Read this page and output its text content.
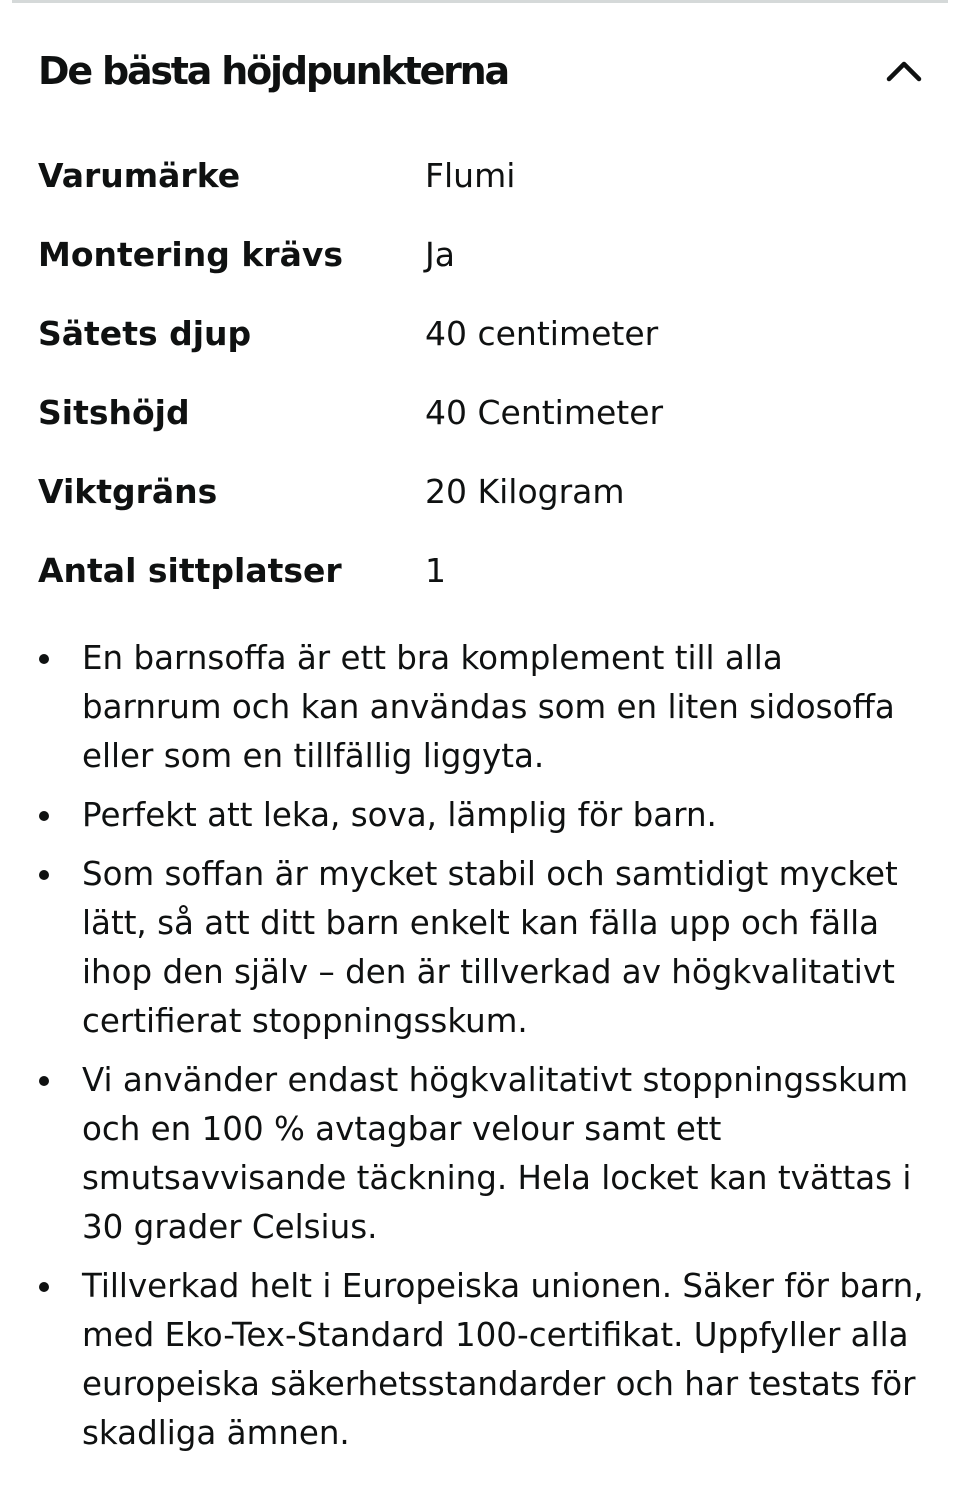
De bästa höjdpunkterna
Varumärke	Flumi
Montering krävs	Ja
Sätets djup	40 centimeter
Sitshöjd	40 Centimeter
Viktgräns	20 Kilogram
Antal sittplatser	1
En barnsoffa är ett bra komplement till alla barnrum och kan användas som en liten sidosoffa eller som en tillfällig liggyta.
Perfekt att leka, sova, lämplig för barn.
Som soffan är mycket stabil och samtidigt mycket lätt, så att ditt barn enkelt kan fälla upp och fälla ihop den själv – den är tillverkad av högkvalitativt certifierat stoppningsskum.
Vi använder endast högkvalitativt stoppningsskum och en 100 % avtagbar velour samt ett smutsavvisande täckning. Hela locket kan tvättas i 30 grader Celsius.
Tillverkad helt i Europeiska unionen. Säker för barn, med Eko-Tex-Standard 100-certifikat. Uppfyller alla europeiska säkerhetsstandarder och har testats för skadliga ämnen.
